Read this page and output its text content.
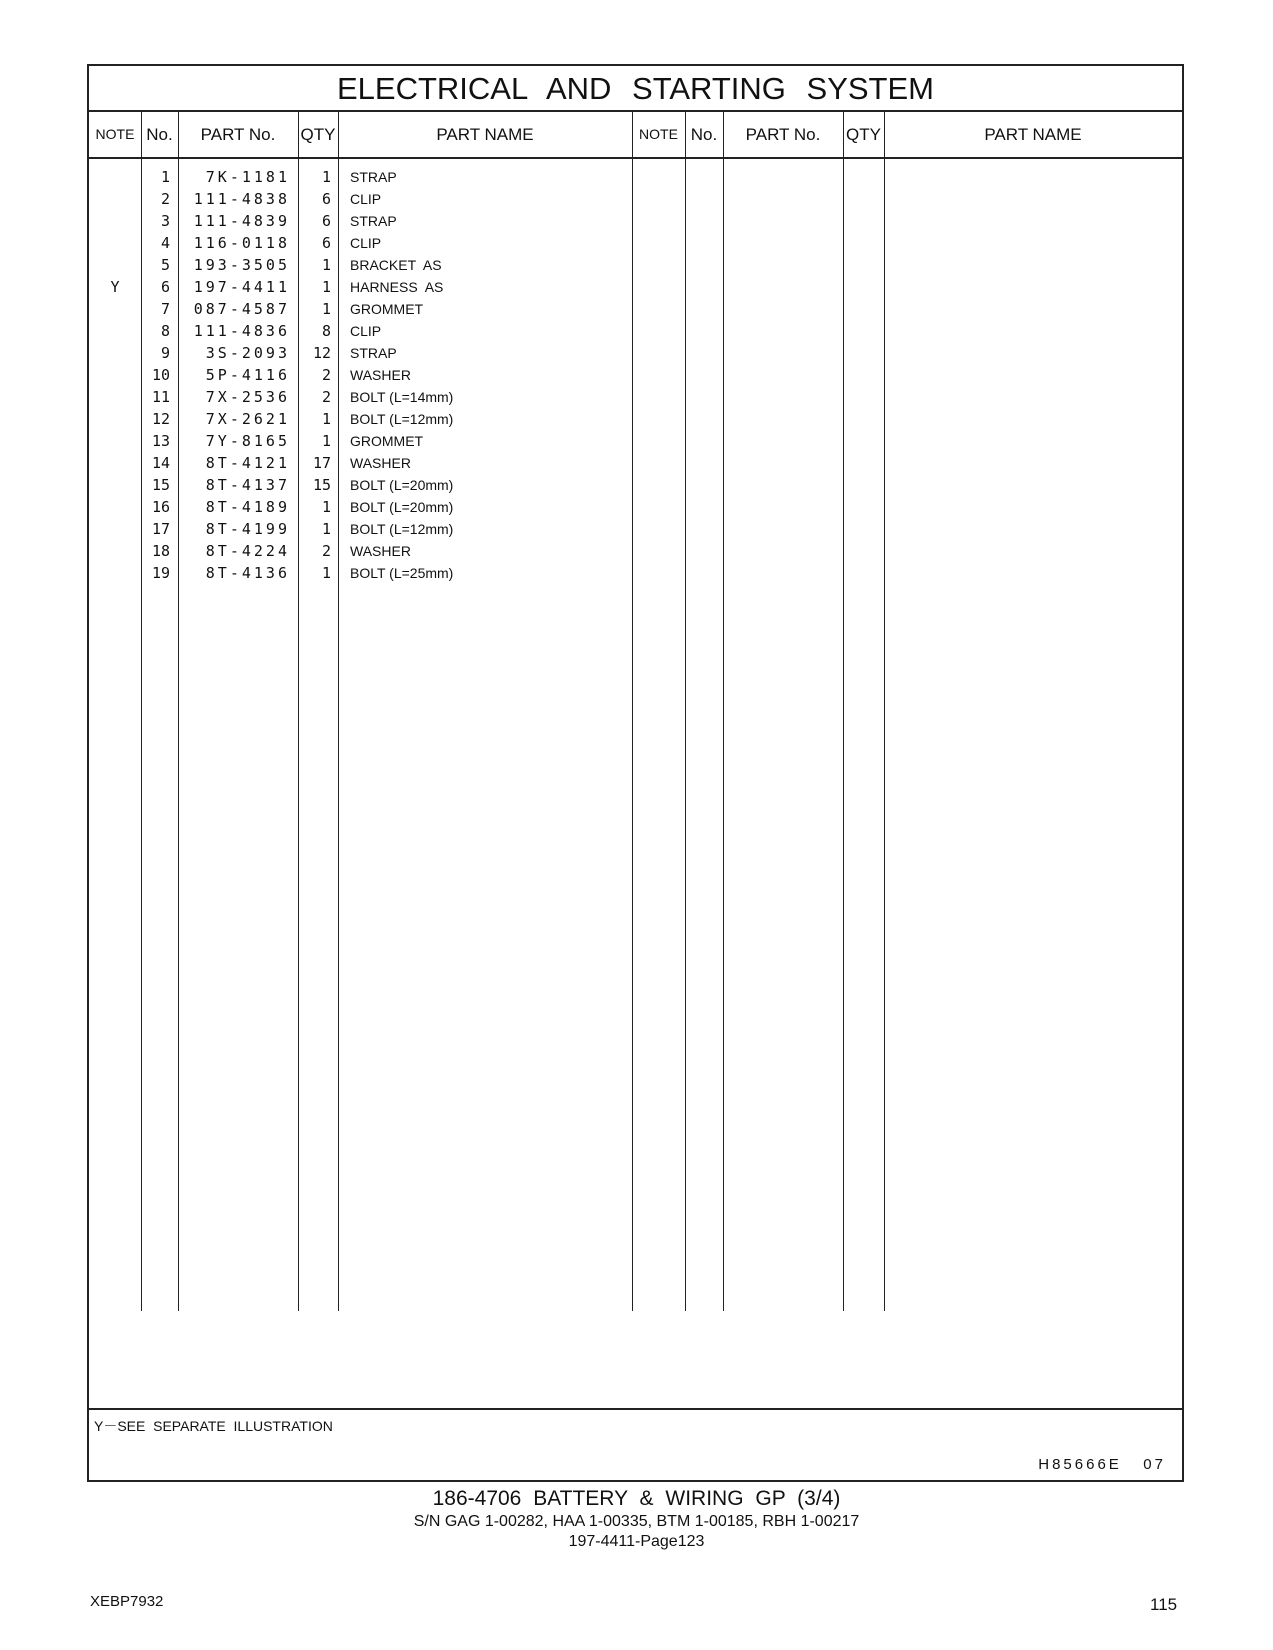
ELECTRICAL AND STARTING SYSTEM
NOTE No.	PART No.	QTY	PART NAME	NOTE No.	PART No.	QTY	PART NAME
1	7K-1181	1 STRAP
2	111-4838	6 CLIP
3	111-4839	6 STRAP
4	116-0118	6 CLIP
5	193-3505	1 BRACKET  AS
Y	6	197-4411	1 HARNESS  AS
7	087-4587	1 GROMMET
8	111-4836	8 CLIP
9	3S-2093	12 STRAP
10	5P-4116	2 WASHER
11	7X-2536	2 BOLT (L=14mm)
12	7X-2621	1 BOLT (L=12mm)
13	7Y-8165	1 GROMMET
14	8T-4121	17 WASHER
15	8T-4137	15 BOLT (L=20mm)
16	8T-4189	1 BOLT (L=20mm)
17	8T-4199	1 BOLT (L=12mm)
18	8T-4224	2 WASHER
19	8T-4136	1 BOLT (L=25mm)
Y－SEE  SEPARATE  ILLUSTRATION
H85666E   07
186-4706 BATTERY & WIRING GP (3/4)
S/N GAG 1-00282, HAA 1-00335, BTM 1-00185, RBH 1-00217
197-4411-Page123
XEBP7932	115
